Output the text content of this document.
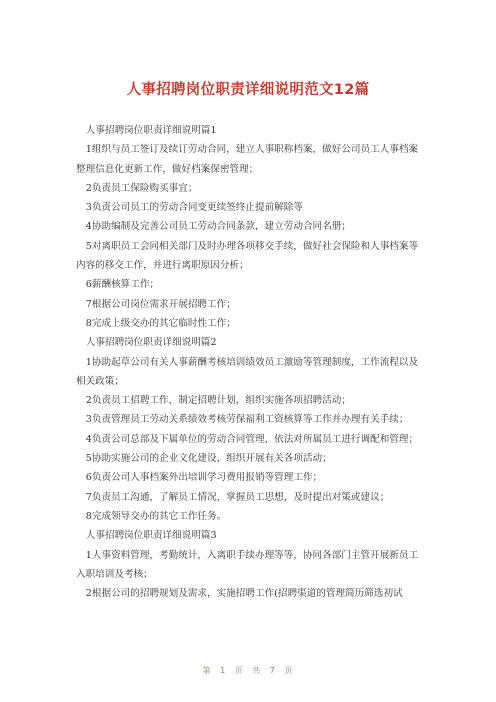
人事招聘岗位职责详细说明范文12篇

人事招聘岗位职责详细说明篇1

1组织与员工签订及续订劳动合同，建立人事职称档案，做好公司员工人事档案整理信息化更新工作，做好档案保密管理；

2负责员工保险购买事宜；

3负责公司员工的劳动合同变更续签终止提前解除等

4协助编制及完善公司员工劳动合同条款，建立劳动合同名册；

5对离职员工会同相关部门及时办理各项移交手续，做好社会保险和人事档案等内容的移交工作，并进行离职原因分析；

6薪酬核算工作；

7根据公司岗位需求开展招聘工作；

8完成上级交办的其它临时性工作；

人事招聘岗位职责详细说明篇2

1协助起草公司有关人事薪酬考核培训绩效员工激励等管理制度，工作流程以及相关政策；

2负责员工招聘工作，制定招聘计划，组织实施各项招聘活动；

3负责管理员工劳动关系绩效考核劳保福利工资核算等工作并办理有关手续；

4负责公司总部及下属单位的劳动合同管理，依法对所属员工进行调配和管理；

5协助实施公司的企业文化建设，组织开展有关各项活动；

6负责公司人事档案外出培训学习费用报销等管理工作；

7负责员工沟通，了解员工情况，掌握员工思想，及时提出对策或建议；

8完成领导交办的其它工作任务。

人事招聘岗位职责详细说明篇3

1人事资料管理，考勤统计，入离职手续办理等等，协同各部门主管开展新员工入职培训及考核；

2根据公司的招聘规划及需求，实施招聘工作(招聘渠道的管理简历筛选初试

第 1 页 共 7 页
